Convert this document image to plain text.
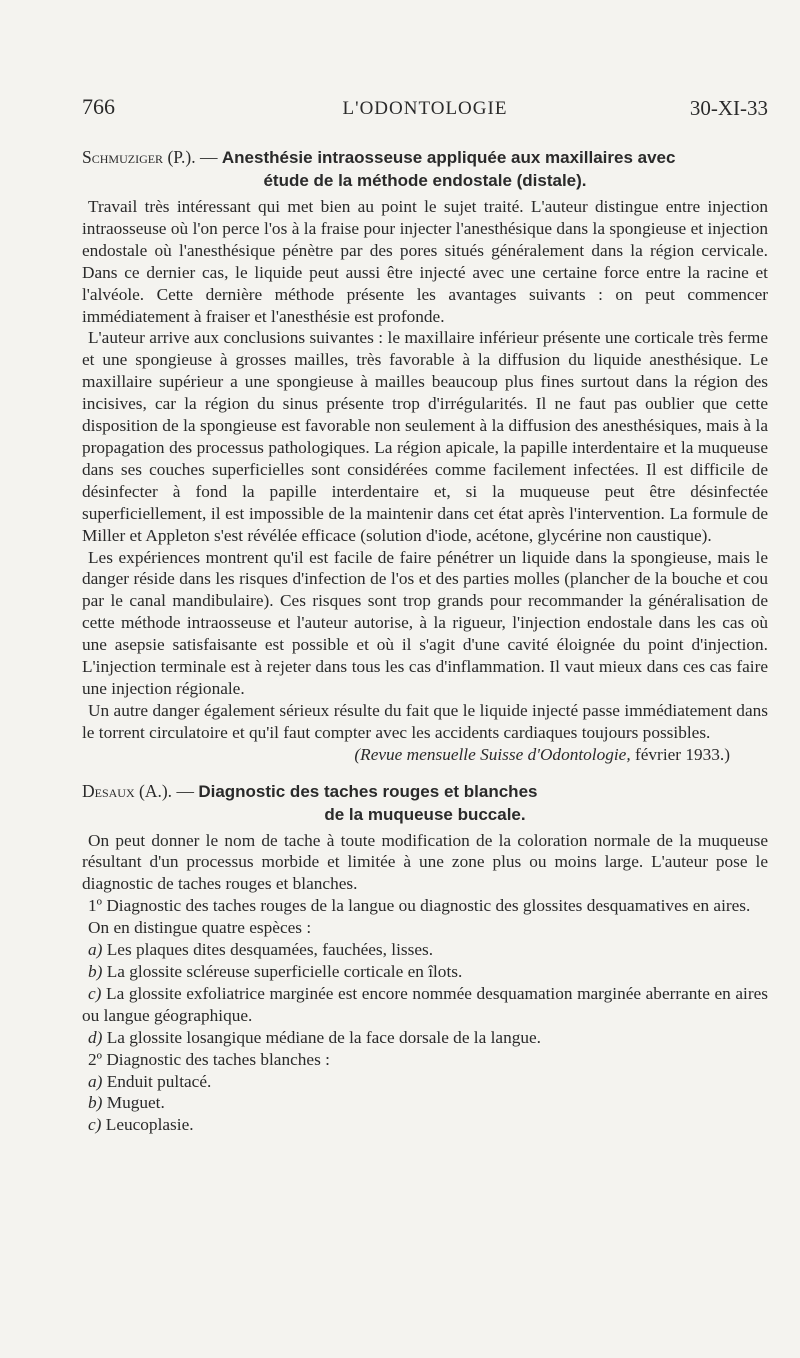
766	L'ODONTOLOGIE	30-XI-33
Schmuziger (P.). — Anesthésie intraosseuse appliquée aux maxillaires avec
étude de la méthode endostale (distale).

Travail très intéressant qui met bien au point le sujet traité. L'auteur distingue entre injection intraosseuse où l'on perce l'os à la fraise pour injecter l'anesthésique dans la spongieuse et injection endostale où l'anesthésique pénètre par des pores situés généralement dans la région cervicale. Dans ce dernier cas, le liquide peut aussi être injecté avec une certaine force entre la racine et l'alvéole. Cette dernière méthode présente les avantages suivants : on peut commencer immédiatement à fraiser et l'anesthésie est profonde.

L'auteur arrive aux conclusions suivantes : le maxillaire inférieur présente une corticale très ferme et une spongieuse à grosses mailles, très favorable à la diffusion du liquide anesthésique. Le maxillaire supérieur a une spongieuse à mailles beaucoup plus fines surtout dans la région des incisives, car la région du sinus présente trop d'irrégularités. Il ne faut pas oublier que cette disposition de la spongieuse est favorable non seulement à la diffusion des anesthésiques, mais à la propagation des processus pathologiques. La région apicale, la papille interdentaire et la muqueuse dans ses couches superficielles sont considérées comme facilement infectées. Il est difficile de désinfecter à fond la papille interdentaire et, si la muqueuse peut être désinfectée superficiellement, il est impossible de la maintenir dans cet état après l'intervention. La formule de Miller et Appleton s'est révélée efficace (solution d'iode, acétone, glycérine non caustique).

Les expériences montrent qu'il est facile de faire pénétrer un liquide dans la spongieuse, mais le danger réside dans les risques d'infection de l'os et des parties molles (plancher de la bouche et cou par le canal mandibulaire). Ces risques sont trop grands pour recommander la généralisation de cette méthode intraosseuse et l'auteur autorise, à la rigueur, l'injection endostale dans les cas où une asepsie satisfaisante est possible et où il s'agit d'une cavité éloignée du point d'injection. L'injection terminale est à rejeter dans tous les cas d'inflammation. Il vaut mieux dans ces cas faire une injection régionale.

Un autre danger également sérieux résulte du fait que le liquide injecté passe immédiatement dans le torrent circulatoire et qu'il faut compter avec les accidents cardiaques toujours possibles.

(Revue mensuelle Suisse d'Odontologie, février 1933.)

Desaux (A.). — Diagnostic des taches rouges et blanches
de la muqueuse buccale.

On peut donner le nom de tache à toute modification de la coloration normale de la muqueuse résultant d'un processus morbide et limitée à une zone plus ou moins large. L'auteur pose le diagnostic de taches rouges et blanches.

1º Diagnostic des taches rouges de la langue ou diagnostic des glossites desquamatives en aires.

On en distingue quatre espèces :

a) Les plaques dites desquamées, fauchées, lisses.

b) La glossite scléreuse superficielle corticale en îlots.

c) La glossite exfoliatrice marginée est encore nommée desquamation marginée aberrante en aires ou langue géographique.

d) La glossite losangique médiane de la face dorsale de la langue.

2º Diagnostic des taches blanches :

a) Enduit pultacé.

b) Muguet.

c) Leucoplasie.
